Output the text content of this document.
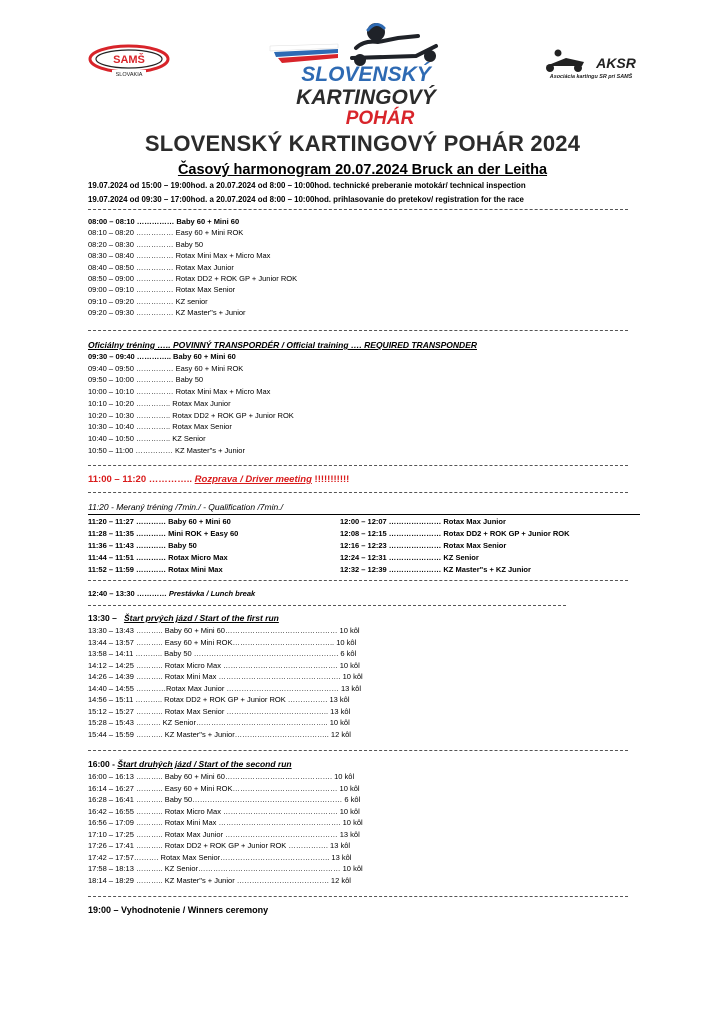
SAMŠ
SLOVAKIA	SLOVENSKÝ
KARTINGOVÝ
POHÁR
AKSR
Asociácia kartingu SR pri SAMŠ
SLOVENSKÝ KARTINGOVÝ POHÁR 2024
Časový harmonogram 20.07.2024 Bruck an der Leitha
19.07.2024 od 15:00 – 19:00hod. a 20.07.2024 od 8:00 – 10:00hod. technické preberanie motokár/ technical inspection
19.07.2024 od 09:30 – 17:00hod. a 20.07.2024 od 8:00 – 10:00hod. prihlasovanie do pretekov/ registration for the race
08:00 – 08:10 …………… Baby 60 + Mini 60
08:10 – 08:20 …………… Easy 60 + Mini ROK
08:20 – 08:30 …………… Baby 50
08:30 – 08:40 …………… Rotax Mini Max + Micro Max
08:40 – 08:50 …………… Rotax Max Junior
08:50 – 09:00 …………… Rotax DD2 + ROK GP + Junior ROK
09:00 – 09:10 …………… Rotax Max Senior
09:10 – 09:20 …………… KZ senior
09:20 – 09:30 …………… KZ Master"s + Junior
Oficiálny tréning ….. POVINNÝ TRANSPORDÉR / Official training …. REQUIRED TRANSPONDER
09:30 – 09:40 ………….. Baby 60 + Mini 60
09:40 – 09:50 …………… Easy 60 + Mini ROK
09:50 – 10:00 …………… Baby 50
10:00 – 10:10 …………… Rotax Mini Max + Micro Max
10:10 – 10:20 ………….. Rotax Max Junior
10:20 – 10:30 ………….. Rotax DD2 + ROK GP + Junior ROK
10:30 – 10:40 ………….. Rotax Max Senior
10:40 – 10:50 ………….. KZ Senior
10:50 – 11:00 …………… KZ Master"s + Junior
11:00 – 11:20 ………….. Rozprava / Driver meeting !!!!!!!!!!!
11:20 - Meraný tréning /7min./ - Qualification /7min./
11:20 – 11:27 ………… Baby 60 + Mini 60
11:28 – 11:35 ………… Mini ROK + Easy 60
11:36 – 11:43 ………… Baby 50
11:44 – 11:51 ………… Rotax Micro Max
11:52 – 11:59 ………… Rotax Mini Max
12:00 – 12:07 ………………… Rotax Max Junior
12:08 – 12:15 ………………… Rotax DD2 + ROK GP + Junior ROK
12:16 – 12:23 ………………… Rotax Max Senior
12:24 – 12:31 ………………… KZ Senior
12:32 – 12:39 ………………… KZ Master"s + KZ Junior
12:40 – 13:30 ………… Prestávka / Lunch break
13:30 – Štart prvých jázd / Start of the first run
13:30 – 13:43 ……….. Baby 60 + Mini 60……………………………………… 10 kôl
13:44 – 13:57 ……….. Easy 60 + Mini ROK………………………………….. 10 kôl
13:58 – 14:11 ……….. Baby 50 …………………………………………………. 6 kôl
14:12 – 14:25 ……….. Rotax Micro Max ………………………………………. 10 kôl
14:26 – 14:39 ……….. Rotax Mini Max …………………………………………. 10 kôl
14:40 – 14:55 …………Rotax Max Junior ……………………………………… 13 kôl
14:56 – 15:11 ……….. Rotax DD2 + ROK GP + Junior ROK ……………. 13 kôl
15:12 – 15:27 ……….. Rotax Max Senior ………………………………….. 13 kôl
15:28 – 15:43 ………. KZ Senior…………………………………………….. 10 kôl
15:44 – 15:59 ……….. KZ Master"s + Junior……………………………….. 12 kôl
16:00 - Štart druhých jázd / Start of the second run
16:00 – 16:13 ……….. Baby 60 + Mini 60……………………………………. 10 kôl
16:14 – 16:27 ……….. Easy 60 + Mini ROK…………………………………… 10 kôl
16:28 – 16:41 ……….. Baby 50…………………………………………………… 6 kôl
16:42 – 16:55 ……….. Rotax Micro Max ………………………………………. 10 kôl
16:56 – 17:09 ……….. Rotax Mini Max …………………………………………. 10 kôl
17:10 – 17:25 ……….. Rotax Max Junior ……………………………………… 13 kôl
17:26 – 17:41 ……….. Rotax DD2 + ROK GP + Junior ROK ……………. 13 kôl
17:42 – 17:57………. Rotax Max Senior…………………………………….. 13 kôl
17:58 – 18:13 ……….. KZ Senior………………………………………………… 10 kôl
18:14 – 18:29 ……….. KZ Master"s + Junior ………………………………. 12 kôl
19:00 – Vyhodnotenie / Winners ceremony
